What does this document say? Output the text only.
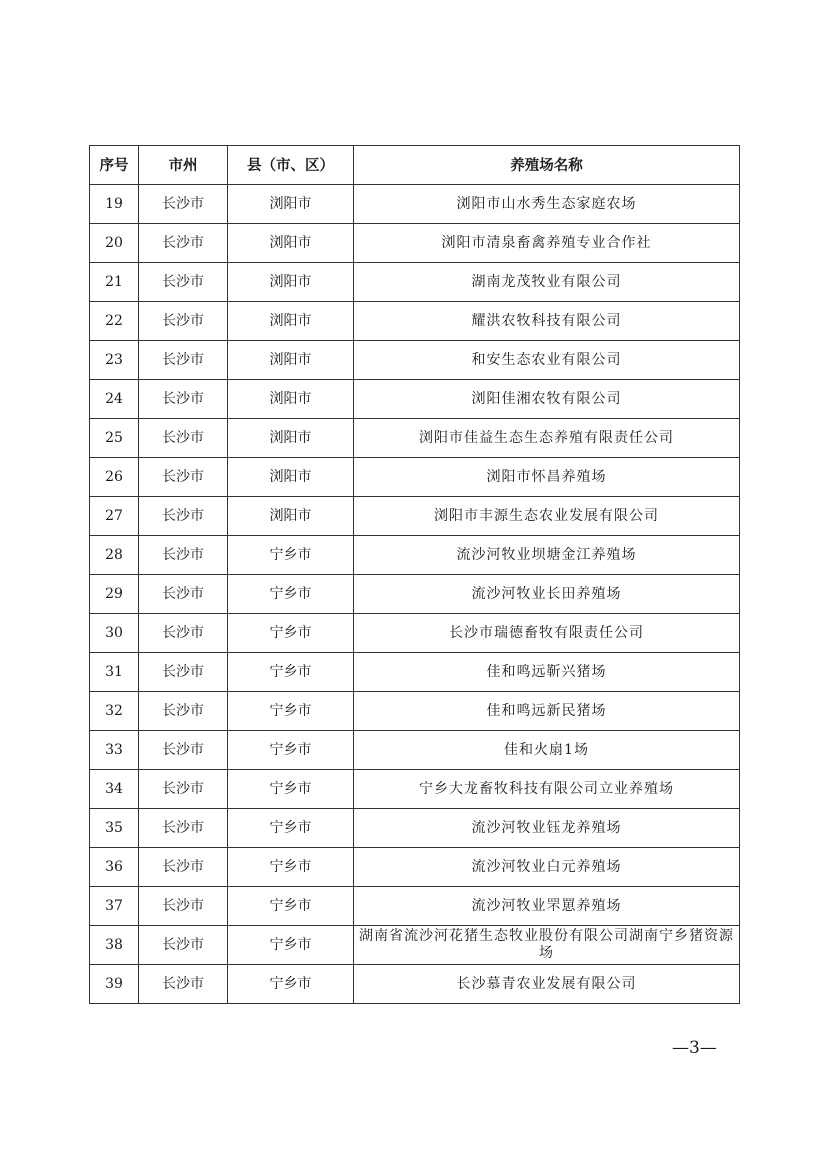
序号	市州	县（市、区）	养殖场名称
19	长沙市	浏阳市	浏阳市山水秀生态家庭农场
20	长沙市	浏阳市	浏阳市清泉畜禽养殖专业合作社
21	长沙市	浏阳市	湖南龙茂牧业有限公司
22	长沙市	浏阳市	耀洪农牧科技有限公司
23	长沙市	浏阳市	和安生态农业有限公司
24	长沙市	浏阳市	浏阳佳湘农牧有限公司
25	长沙市	浏阳市	浏阳市佳益生态生态养殖有限责任公司
26	长沙市	浏阳市	浏阳市怀昌养殖场
27	长沙市	浏阳市	浏阳市丰源生态农业发展有限公司
28	长沙市	宁乡市	流沙河牧业坝塘金江养殖场
29	长沙市	宁乡市	流沙河牧业长田养殖场
30	长沙市	宁乡市	长沙市瑞德畜牧有限责任公司
31	长沙市	宁乡市	佳和鸣远靳兴猪场
32	长沙市	宁乡市	佳和鸣远新民猪场
33	长沙市	宁乡市	佳和火扇1场
34	长沙市	宁乡市	宁乡大龙畜牧科技有限公司立业养殖场
35	长沙市	宁乡市	流沙河牧业钰龙养殖场
36	长沙市	宁乡市	流沙河牧业白元养殖场
37	长沙市	宁乡市	流沙河牧业罘罳养殖场
38	长沙市	宁乡市	湖南省流沙河花猪生态牧业股份有限公司湖南宁乡猪资源场
39	长沙市	宁乡市	长沙慕青农业发展有限公司
—3—
